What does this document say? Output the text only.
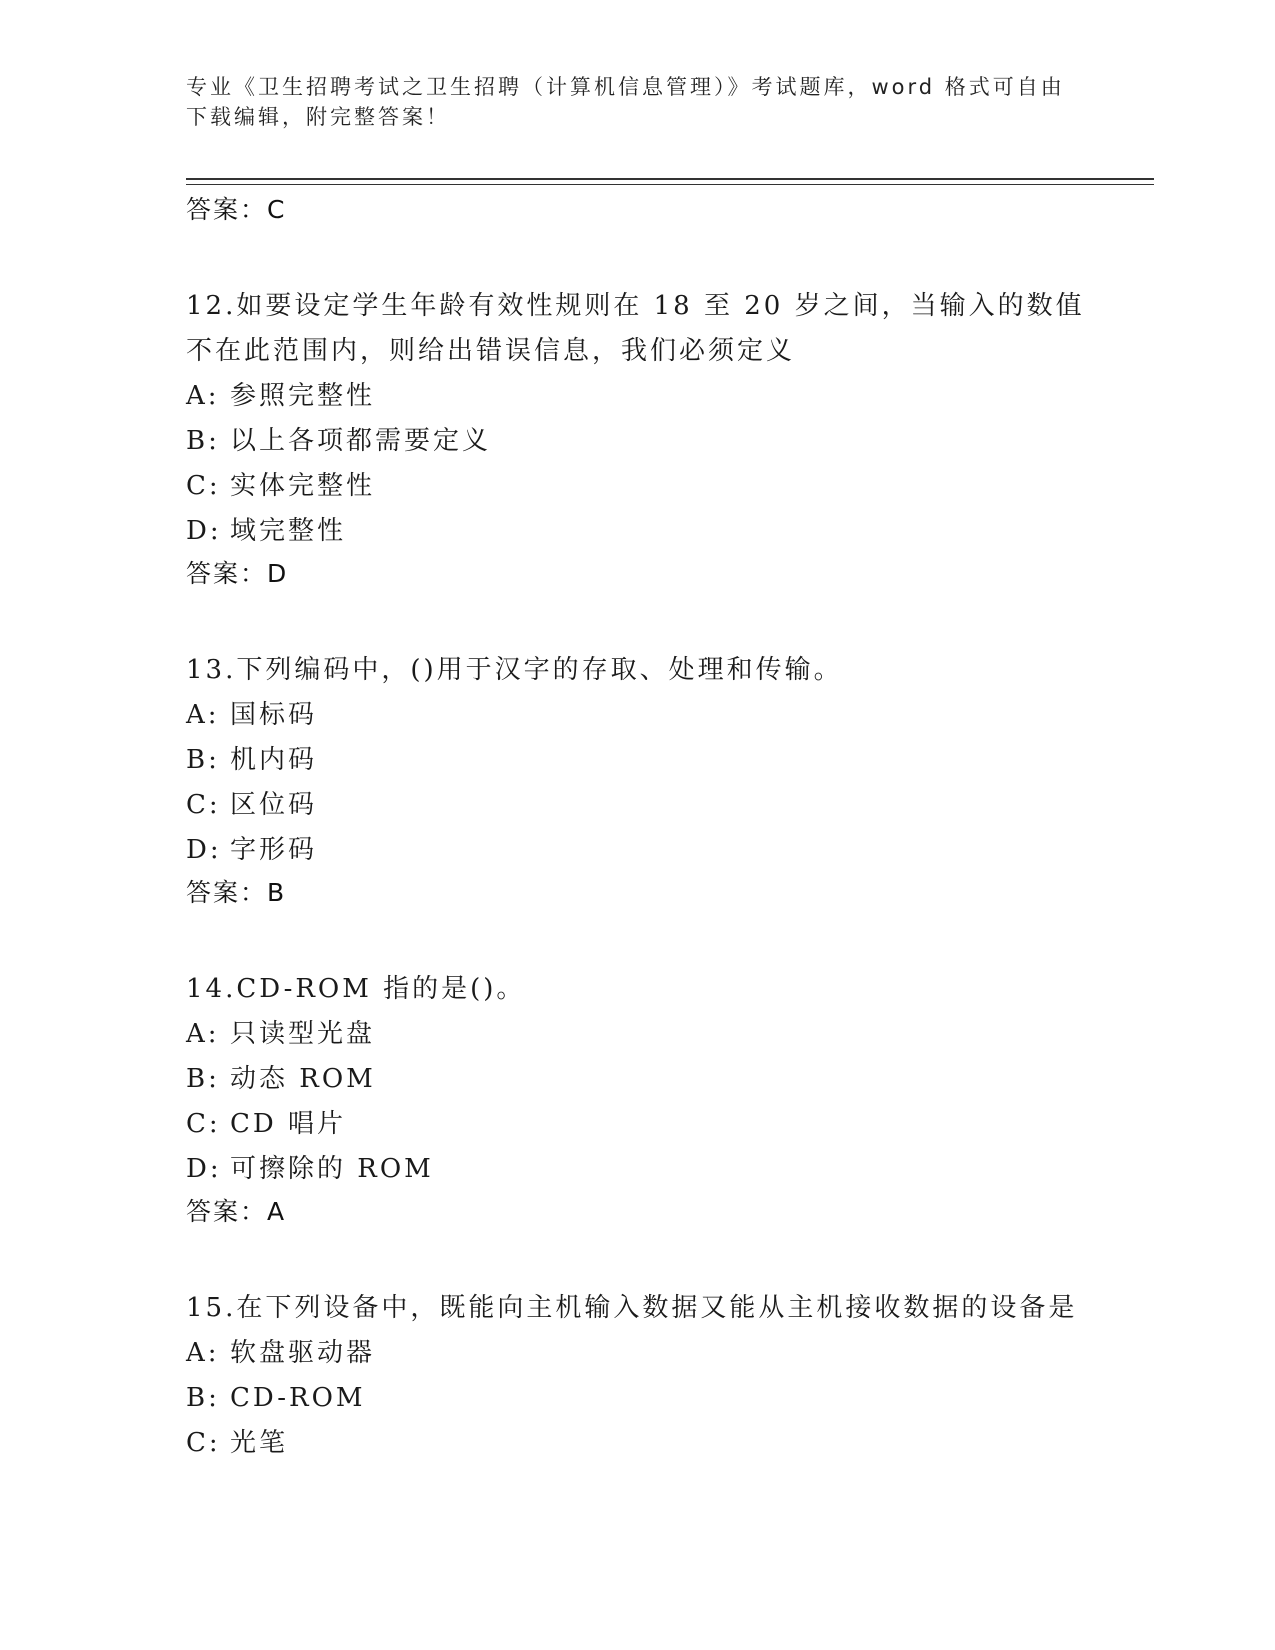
专业《卫生招聘考试之卫生招聘（计算机信息管理）》考试题库，word 格式可自由下载编辑，附完整答案！
答案：C
12.如要设定学生年龄有效性规则在 18 至 20 岁之间，当输入的数值不在此范围内，则给出错误信息，我们必须定义
A: 参照完整性
B: 以上各项都需要定义
C: 实体完整性
D: 域完整性
答案：D
13.下列编码中，()用于汉字的存取、处理和传输。
A: 国标码
B: 机内码
C: 区位码
D: 字形码
答案：B
14.CD-ROM 指的是()。
A: 只读型光盘
B: 动态 ROM
C: CD 唱片
D: 可擦除的 ROM
答案：A
15.在下列设备中，既能向主机输入数据又能从主机接收数据的设备是
A: 软盘驱动器
B: CD-ROM
C: 光笔
